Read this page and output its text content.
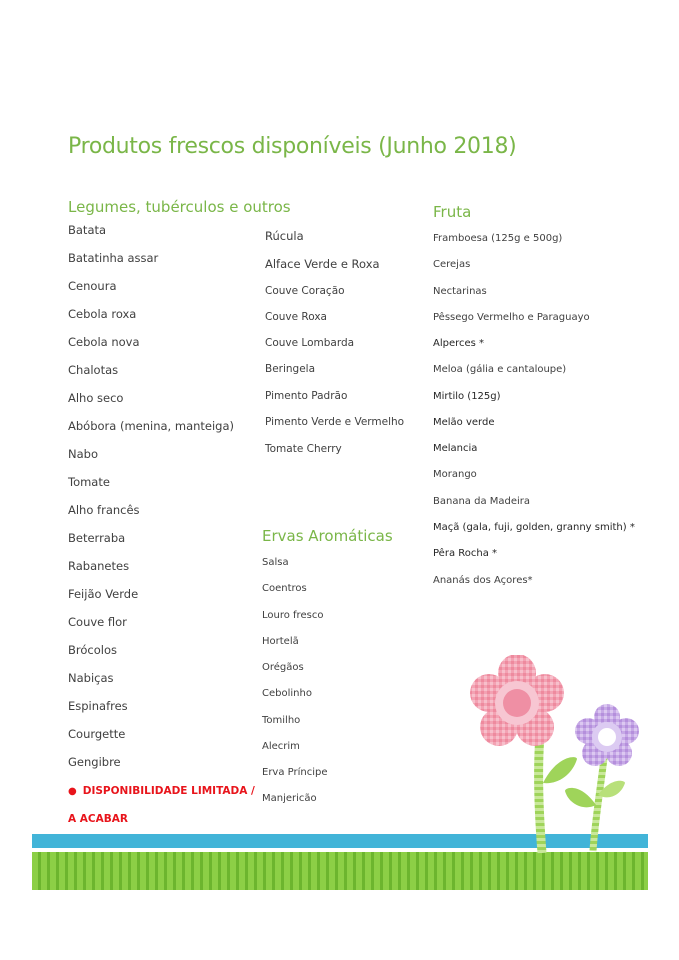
Produtos frescos disponíveis (Junho 2018)
Legumes, tubérculos e outros
Batata
Batatinha assar
Cenoura
Cebola roxa
Cebola nova
Chalotas
Alho seco
Abóbora (menina, manteiga)
Nabo
Tomate
Alho francês
Beterraba
Rabanetes
Feijão Verde
Couve flor
Brócolos
Nabiças
Espinafres
Courgette
Gengibre
● DISPONIBILIDADE LIMITADA /
A ACABAR
Rúcula
Alface Verde e Roxa
Couve Coração
Couve Roxa
Couve Lombarda
Beringela
Pimento Padrão
Pimento Verde e Vermelho
Tomate Cherry
Ervas Aromáticas
Salsa
Coentros
Louro fresco
Hortelã
Orégãos
Cebolinho
Tomilho
Alecrim
Erva Príncipe
Manjericão
Fruta
Framboesa (125g e 500g)
Cerejas
Nectarinas
Pêssego Vermelho e Paraguayo
Alperces *
Meloa (gália e cantaloupe)
Mirtilo (125g)
Melão verde
Melancia
Morango
Banana da Madeira
Maçã (gala, fuji, golden, granny smith) *
Pêra Rocha *
Ananás dos Açores*
